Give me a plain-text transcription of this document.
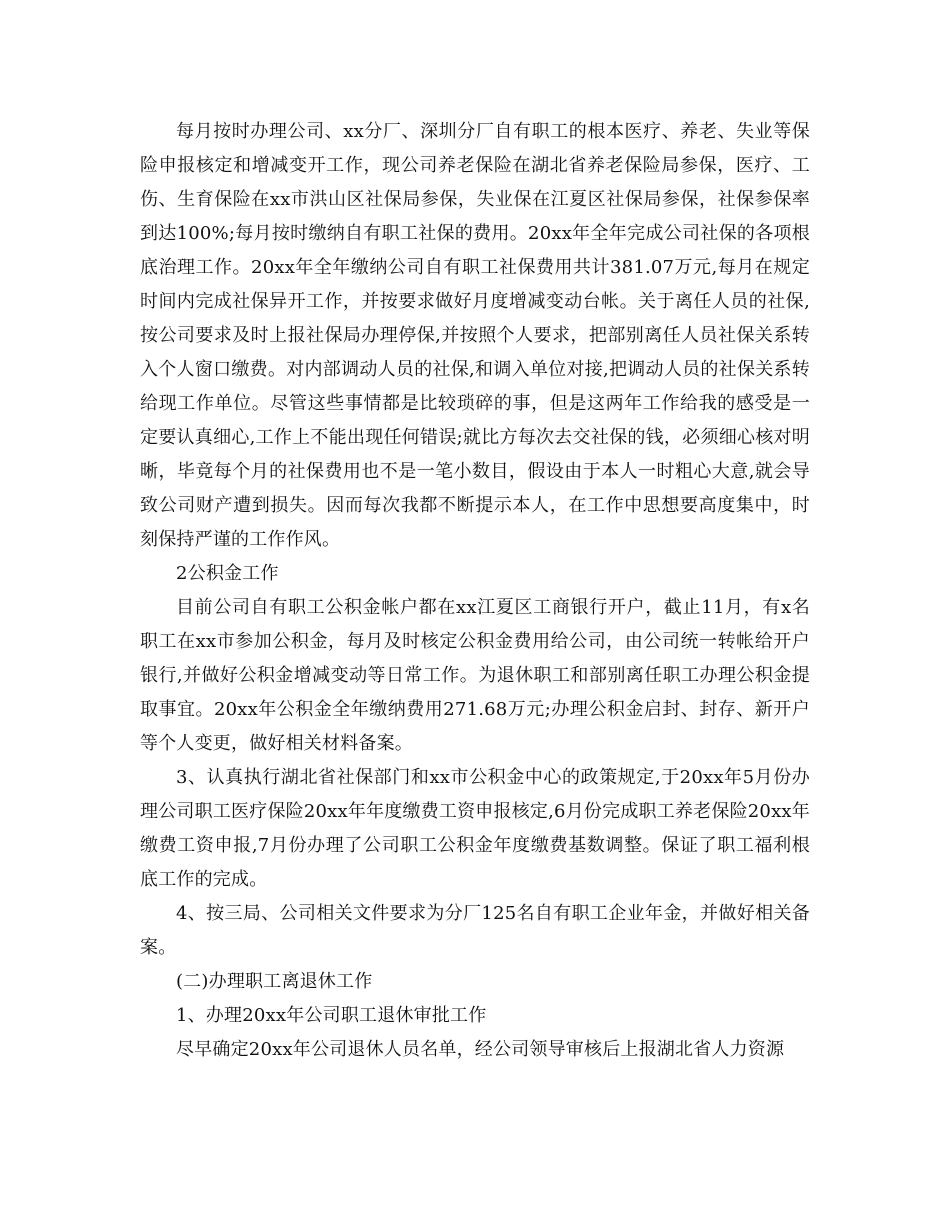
每月按时办理公司、xx分厂、深圳分厂自有职工的根本医疗、养老、失业等保险申报核定和增减变开工作，现公司养老保险在湖北省养老保险局参保，医疗、工伤、生育保险在xx市洪山区社保局参保，失业保在江夏区社保局参保，社保参保率到达100%;每月按时缴纳自有职工社保的费用。20xx年全年完成公司社保的各项根底治理工作。20xx年全年缴纳公司自有职工社保费用共计381.07万元,每月在规定时间内完成社保异开工作，并按要求做好月度增减变动台帐。关于离任人员的社保,按公司要求及时上报社保局办理停保,并按照个人要求，把部别离任人员社保关系转入个人窗口缴费。对内部调动人员的社保,和调入单位对接,把调动人员的社保关系转给现工作单位。尽管这些事情都是比较琐碎的事，但是这两年工作给我的感受是一定要认真细心,工作上不能出现任何错误;就比方每次去交社保的钱，必须细心核对明晰，毕竟每个月的社保费用也不是一笔小数目，假设由于本人一时粗心大意,就会导致公司财产遭到损失。因而每次我都不断提示本人，在工作中思想要高度集中，时刻保持严谨的工作作风。

2公积金工作

目前公司自有职工公积金帐户都在xx江夏区工商银行开户，截止11月，有x名职工在xx市参加公积金，每月及时核定公积金费用给公司，由公司统一转帐给开户银行,并做好公积金增减变动等日常工作。为退休职工和部别离任职工办理公积金提取事宜。20xx年公积金全年缴纳费用271.68万元;办理公积金启封、封存、新开户等个人变更，做好相关材料备案。

3、认真执行湖北省社保部门和xx市公积金中心的政策规定,于20xx年5月份办理公司职工医疗保险20xx年年度缴费工资申报核定,6月份完成职工养老保险20xx年缴费工资申报,7月份办理了公司职工公积金年度缴费基数调整。保证了职工福利根底工作的完成。

4、按三局、公司相关文件要求为分厂125名自有职工企业年金，并做好相关备案。

(二)办理职工离退休工作

1、办理20xx年公司职工退休审批工作

尽早确定20xx年公司退休人员名单，经公司领导审核后上报湖北省人力资源
